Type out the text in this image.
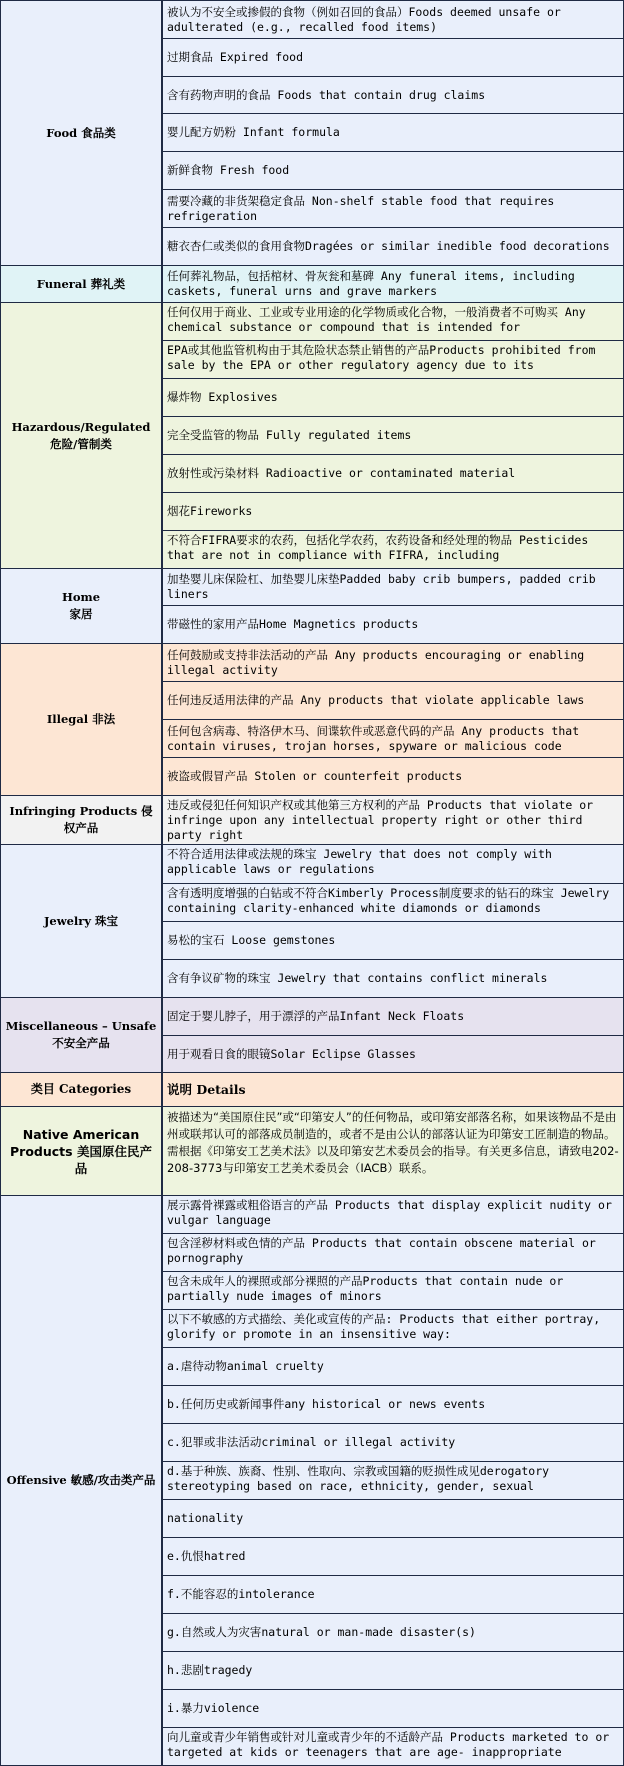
Food 食品类
被认为不安全或掺假的食物（例如召回的食品）Foods deemed unsafe or adulterated (e.g., recalled food items)
过期食品 Expired food
含有药物声明的食品 Foods that contain drug claims
婴儿配方奶粉 Infant formula
新鲜食物 Fresh food
需要冷藏的非货架稳定食品 Non-shelf stable food that requires refrigeration
糖衣杏仁或类似的食用食物Dragées or similar inedible food decorations
Funeral 葬礼类
任何葬礼物品，包括棺材、骨灰瓮和墓碑 Any funeral items, including caskets, funeral urns and grave markers
Hazardous/Regulated 危险/管制类
任何仅用于商业、工业或专业用途的化学物质或化合物，一般消费者不可购买 Any chemical substance or compound that is intended for
EPA或其他监管机构由于其危险状态禁止销售的产品Products prohibited from sale by the EPA or other regulatory agency due to its
爆炸物 Explosives
完全受监管的物品 Fully regulated items
放射性或污染材料 Radioactive or contaminated material
烟花Fireworks
不符合FIFRA要求的农药，包括化学农药，农药设备和经处理的物品 Pesticides that are not in compliance with FIFRA, including
Home
家居
加垫婴儿床保险杠、加垫婴儿床垫Padded baby crib bumpers, padded crib liners
带磁性的家用产品Home Magnetics products
Illegal 非法
任何鼓励或支持非法活动的产品 Any products encouraging or enabling illegal activity
任何违反适用法律的产品 Any products that violate applicable laws
任何包含病毒、特洛伊木马、间谍软件或恶意代码的产品 Any products that contain viruses, trojan horses, spyware or malicious code
被盗或假冒产品 Stolen or counterfeit products
Infringing Products 侵权产品
违反或侵犯任何知识产权或其他第三方权利的产品 Products that violate or infringe upon any intellectual property right or other third party right
Jewelry 珠宝
不符合适用法律或法规的珠宝 Jewelry that does not comply with applicable laws or regulations
含有透明度增强的白钻或不符合Kimberly Process制度要求的钻石的珠宝 Jewelry containing clarity-enhanced white diamonds or diamonds
易松的宝石 Loose gemstones
含有争议矿物的珠宝 Jewelry that contains conflict minerals
Miscellaneous – Unsafe 不安全产品
固定于婴儿脖子，用于漂浮的产品Infant Neck Floats
用于观看日食的眼镜Solar Eclipse Glasses
类目 Categories	说明 Details
Native American Products 美国原住民产品
被描述为“美国原住民”或“印第安人”的任何物品，或印第安部落名称，如果该物品不是由州或联邦认可的部落成员制造的，或者不是由公认的部落认证为印第安工匠制造的物品。需根据《印第安工艺美术法》以及印第安艺术委员会的指导。有关更多信息，请致电202-208-3773与印第安工艺美术委员会（IACB）联系。
Offensive 敏感/攻击类产品
展示露骨裸露或粗俗语言的产品 Products that display explicit nudity or vulgar language
包含淫秽材料或色情的产品 Products that contain obscene material or pornography
包含未成年人的裸照或部分裸照的产品Products that contain nude or partially nude images of minors
以下不敏感的方式描绘、美化或宣传的产品: Products that either portray, glorify or promote in an insensitive way:
a.虐待动物animal cruelty
b.任何历史或新闻事件any historical or news events
c.犯罪或非法活动criminal or illegal activity
d.基于种族、族裔、性别、性取向、宗教或国籍的贬损性成见derogatory stereotyping based on race, ethnicity, gender, sexual
nationality
e.仇恨hatred
f.不能容忍的intolerance
g.自然或人为灾害natural or man-made disaster(s)
h.悲剧tragedy
i.暴力violence
向儿童或青少年销售或针对儿童或青少年的不适龄产品 Products marketed to or targeted at kids or teenagers that are age- inappropriate
